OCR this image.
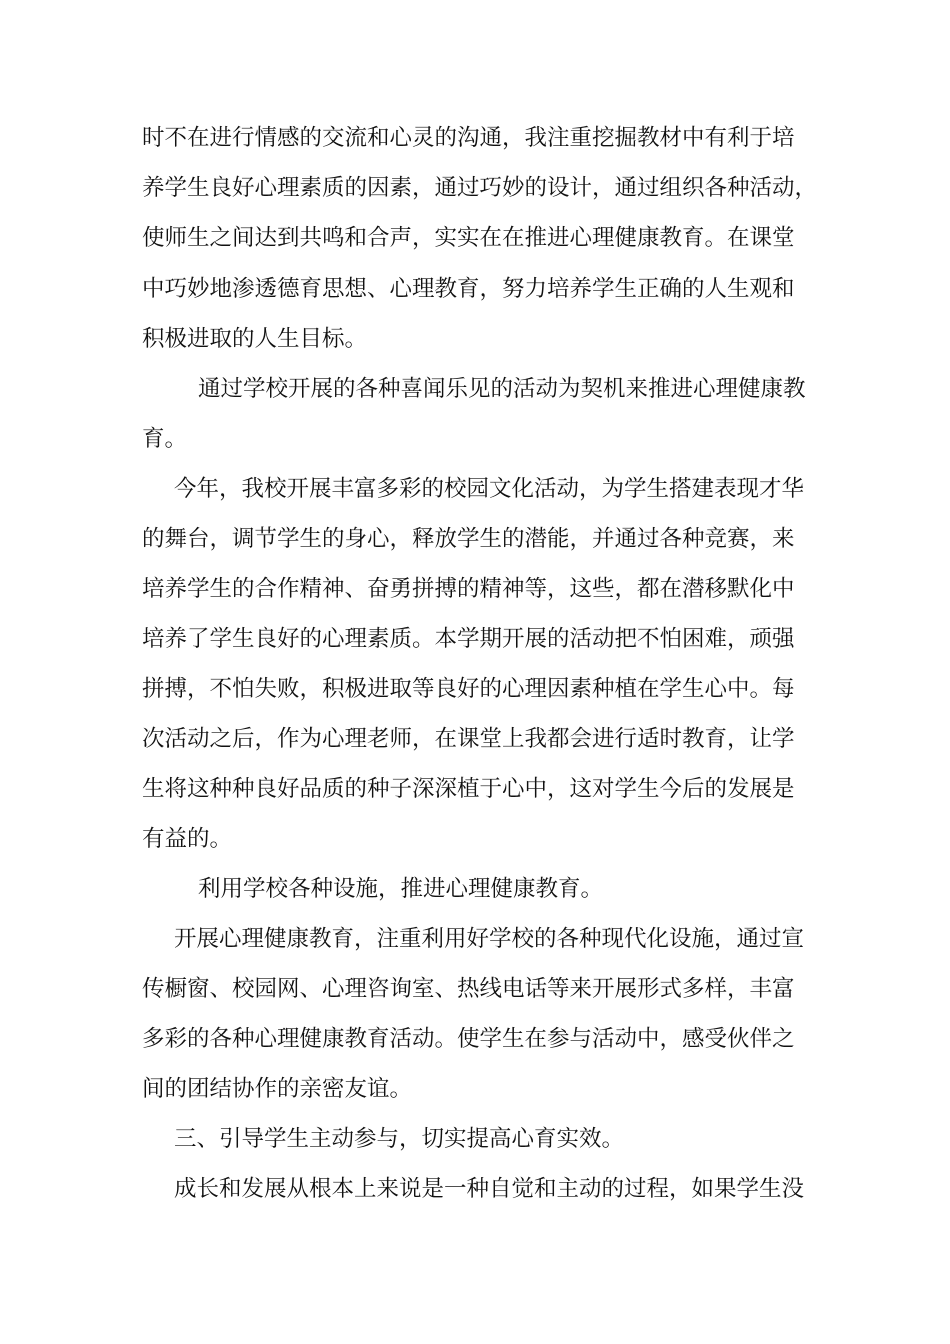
时不在进行情感的交流和心灵的沟通，我注重挖掘教材中有利于培

养学生良好心理素质的因素，通过巧妙的设计，通过组织各种活动，

使师生之间达到共鸣和合声，实实在在推进心理健康教育。在课堂

中巧妙地渗透德育思想、心理教育，努力培养学生正确的人生观和

积极进取的人生目标。

通过学校开展的各种喜闻乐见的活动为契机来推进心理健康教

育。

今年，我校开展丰富多彩的校园文化活动，为学生搭建表现才华

的舞台，调节学生的身心，释放学生的潜能，并通过各种竞赛，来

培养学生的合作精神、奋勇拼搏的精神等，这些，都在潜移默化中

培养了学生良好的心理素质。本学期开展的活动把不怕困难，顽强

拼搏，不怕失败，积极进取等良好的心理因素种植在学生心中。每

次活动之后，作为心理老师，在课堂上我都会进行适时教育，让学

生将这种种良好品质的种子深深植于心中，这对学生今后的发展是

有益的。

利用学校各种设施，推进心理健康教育。

开展心理健康教育，注重利用好学校的各种现代化设施，通过宣

传橱窗、校园网、心理咨询室、热线电话等来开展形式多样，丰富

多彩的各种心理健康教育活动。使学生在参与活动中，感受伙伴之

间的团结协作的亲密友谊。

三、引导学生主动参与，切实提高心育实效。

成长和发展从根本上来说是一种自觉和主动的过程，如果学生没
